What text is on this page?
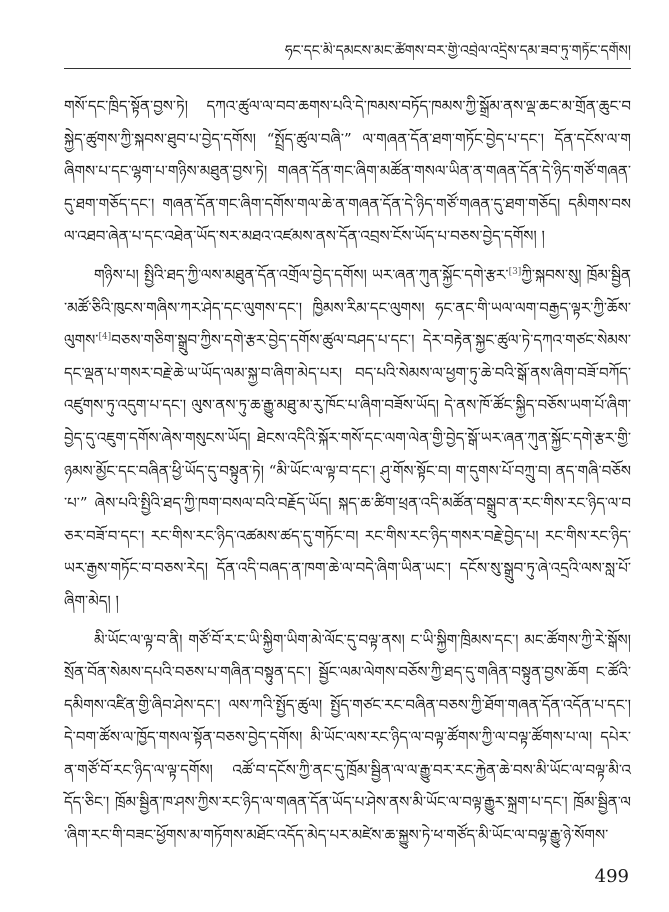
ཧང་དང་མི་དམངས་མང་ཚོགས་བར་གྱི་འབྲེལ་འདྲིས་དམ་ཟབ་ཏུ་གཏོང་དགོས།

གསོ་དང་ཁྲིད་སྟོན་བྱས་ཏེ། དཀའ་ཚུལ་ལ་བབ་ཆགས་པའི་དེ་ཁམས་བཏོད་ཁམས་ཀྱི་སྒྲོམ་ནས་ལྡ་ཆང་མ་གྲོན་ཆུང་བསྐྱེད་ཚུགས་ཀྱི་སྐབས་ཐུབ་པ་བྱེད་དགོས། “སྤྲོད་ཚུལ་བཞི་” ལ་གཞན་དོན་ཐག་གཏོང་བྱེད་པ་དང་། དོན་དངོས་ལ་གཞིགས་པ་དང་ལྷག་པ་གཉིས་མཐུན་བྱས་ཏེ། གཞན་དོན་གང་ཞིག་མཚོན་གསལ་ཡིན་ན་གཞན་དོན་དེ་ཉིད་གཙོ་གཞན་དུ་ཐག་གཅོད་དང་། གཞན་དོན་གང་ཞིག་དགོས་གལ་ཆེ་ན་གཞན་དོན་དེ་ཉིད་གཙོ་གཞན་དུ་ཐག་གཅོད། དམིགས་བསལ་འཐབ་ཞེན་པ་དང་འཐེན་ཡོད་སར་མཐའ་འཛམས་ནས་དོན་འབྲས་ངོས་ཡོད་པ་བཅས་བྱེད་དགོས། །

གཉིས་པ། སྤྱིའི་ཐད་ཀྱི་ལས་མཐུན་དོན་འགྲོལ་བྱེད་དགོས། ཡར་ཞན་ཀུན་སྐྱོང་དགེ་རྩར་[3]ཀྱི་སྐབས་སུ། ཁྲོམ་སྦྱིན་མཚོ་ཅིའི་ཁུངས་གཞིས་ཀར་ཤེད་དང་ལུགས་དང་། ཁྱིམས་རིམ་དང་ལུགས། ཧང་ནང་གི་ཡལ་ལག་བརྒྱད་ལྟར་ཀྱི་ཆོས་ལུགས་[4]བཅས་གཅིག་སྒྲུབ་ཀྱིས་དགེ་རྩར་བྱེད་དགོས་ཚུལ་བཤད་པ་དང་། དེར་བརྟེན་སྐྱང་ཚུལ་ཏེ་དཀའ་གཙང་སེམས་དང་ལྡན་པ་གསར་བརྗེ་ཆེ་ཡ་ཡོད་ལམ་སྐྱ་བ་ཞིག་མེད་པར། བད་པའི་སེམས་ལ་ཕྱག་ཏུ་ཆེ་བའི་སྒོ་ནས་ཞིག་བཟོ་བཀོད་འཛུགས་ཏུ་འདུག་པ་དང་། ལུས་ནས་ཏུ་ཆ་རྒྱུ་མཐུ་མ་རུ་ཁོང་པ་ཞིག་བཟོས་ཡོད། དེ་ནས་ཁོ་ཚོང་སྐྱིད་བཅོས་ཡག་པོ་ཞིག་བྱེད་དུ་འཇུག་དགོས་ཞེས་གསུངས་ཡོད། ཐེངས་འདིའི་སྐོར་གསོ་དང་ལག་ལེན་གྱི་བྱེད་སྒོ་ཡར་ཞན་ཀུན་སྐྱོང་དགེ་རྩར་གྱི་ཉམས་མྱོང་དང་བཞིན་ཕྱི་ཡོད་དུ་བསྟུན་ཏེ། “མི་ཡོང་ལ་ལྟ་བ་དང་། ཤུ་གོས་སྟོང་བ། ག་དུགས་པོ་བཀྲུ་བ། ནད་གཞི་བཅོས་པ་” ཞེས་པའི་སྤྱིའི་ཐད་ཀྱི་ཁག་བསལ་བའི་བརྗོད་ཡོད། སྐད་ཆ་ཚིག་ཕྲན་འདི་མཚོན་བསྒྲུབ་ན་རང་གིས་རང་ཉིད་ལ་བཅར་བཟོ་བ་དང་། རང་གིས་རང་ཉིད་འཚམས་ཚད་དུ་གཏོང་བ། རང་གིས་རང་ཉིད་གསར་བརྗེ་བྱེད་པ། རང་གིས་རང་ཉིད་ཡར་རྒྱས་གཏོང་བ་བཅས་རེད། དོན་འདི་བཞད་ན་ཁག་ཆེ་ལ་བདེ་ཞིག་ཡིན་ཡང་། དངོས་སུ་སྒྲུབ་ཏུ་ཞེ་འདྲའི་ལས་སླ་པོ་ཞིག་མེད། །

མི་ཡོང་ལ་ལྟ་བ་ནི། གཙོ་བོ་ར་ང་ཡི་སྐྱིག་ཡིག་མེ་ལོང་དུ་བལྟ་ནས། ང་ཡི་སྐྱིག་ཁྲིམས་དང་། མང་ཚོགས་ཀྱི་རེ་སྒོས། སྲོན་བོན་སེམས་དཔའི་བཅས་པ་གཞིན་བསྟུན་དང་། སྦྱོང་ལམ་ལེགས་བཅོས་ཀྱི་ཐད་དུ་གཞིན་བསྟུན་བྱས་ཆོག ང་ཚོའི་དམིགས་འཛིན་གྱི་ཞིབ་ཤེས་དང་། ལས་ཀའི་སྤྱོད་ཚུལ། སྤྱོད་གཙང་རང་བཞིན་བཅས་ཀྱི་ཐོག་གཞན་དོན་འདོན་པ་དང་། དེ་བག་ཚོས་ལ་ཁྱོད་གསལ་སྟོན་བཅས་བྱེད་དགོས། མི་ཡོང་ལས་རང་ཉིད་ལ་བལྟ་ཚོགས་ཀྱི་ལ་བལྟ་ཚོགས་པ་ལ། དཔེར་ན་གཙོ་བོ་རང་ཉིད་ལ་ལྟ་དགོས། འཚོ་བ་དངོས་ཀྱི་ནང་དུ་ཁྲོམ་སྦྱིན་ལ་ལ་རྒྱུ་བར་རང་རྐྱེན་ཆེ་བས་མི་ཡོང་ལ་བལྟ་མི་འདོད་ཅིང་། ཁྲོམ་སྦྱིན་ཁ་ཤས་ཀྱིས་རང་ཉིད་ལ་གཞན་དོན་ཡོད་པ་ཤེས་ནས་མི་ཡོང་ལ་བལྟ་རྒྱུར་སྐྲག་པ་དང་། ཁྲོམ་སྦྱིན་ལ་ཞིག་རང་གི་བཟང་ཕྱོགས་མ་གཏོགས་མཐོང་འདོད་མེད་པར་མཛེས་ཆ་སྐྱུས་ཏེ་ཕ་གཙོད་མི་ཡོང་ལ་བལྟ་རྒྱུ་ཉེ་སོགས་

499
